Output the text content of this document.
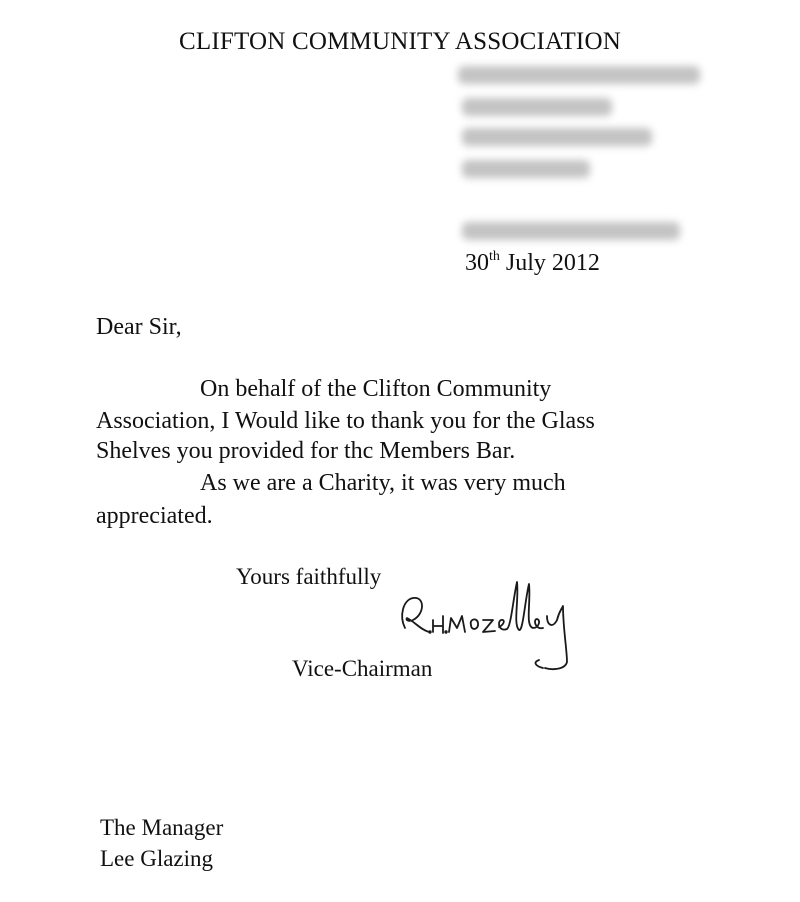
CLIFTON COMMUNITY ASSOCIATION
30th July 2012
Dear Sir,
On behalf of the Clifton Community
Association, I Would like to thank you for the Glass
Shelves you provided for thc Members Bar.
As we are a Charity, it was very much
appreciated.
Yours faithfully
Vice-Chairman
The Manager
Lee Glazing
